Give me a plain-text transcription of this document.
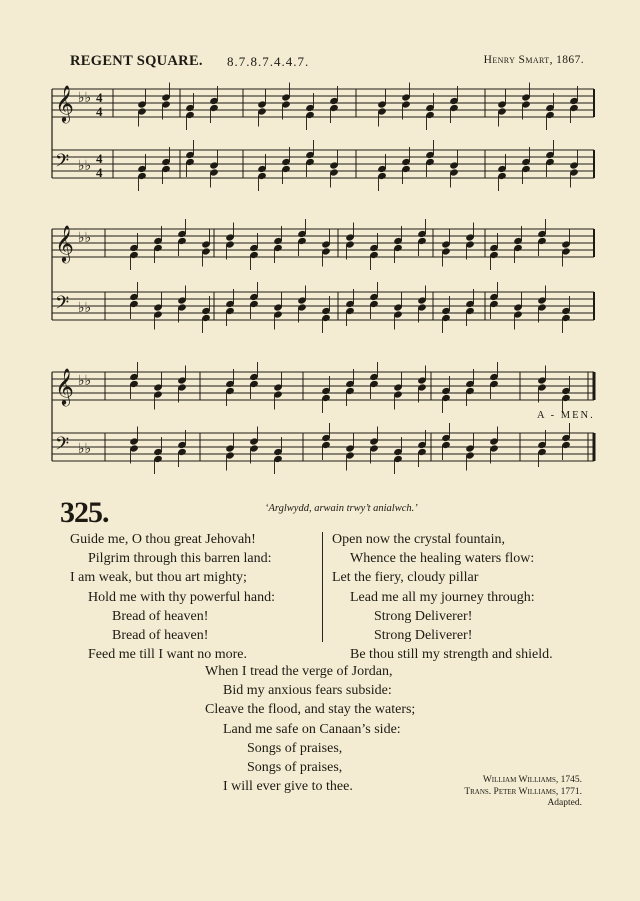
REGENT SQUARE. 8.7.8.7.4.4.7.	Henry Smart, 1867.
𝄞 ♭♭ 4
4
𝄢 ♭♭ 4
4
𝄞 ♭♭
𝄢 ♭♭
𝄞 ♭♭
𝄢 ♭♭
A - MEN.
325.	‘Arglwydd, arwain trwy’t anialwch.’
Guide me, O thou great Jehovah!
Pilgrim through this barren land:
I am weak, but thou art mighty;
Hold me with thy powerful hand:
Bread of heaven!
Bread of heaven!
Feed me till I want no more.
Open now the crystal fountain,
Whence the healing waters flow:
Let the fiery, cloudy pillar
Lead me all my journey through:
Strong Deliverer!
Strong Deliverer!
Be thou still my strength and shield.
When I tread the verge of Jordan,
Bid my anxious fears subside:
Cleave the flood, and stay the waters;
Land me safe on Canaan’s side:
Songs of praises,
Songs of praises,
I will ever give to thee.	William Williams, 1745.
Trans. Peter Williams, 1771.
Adapted.
